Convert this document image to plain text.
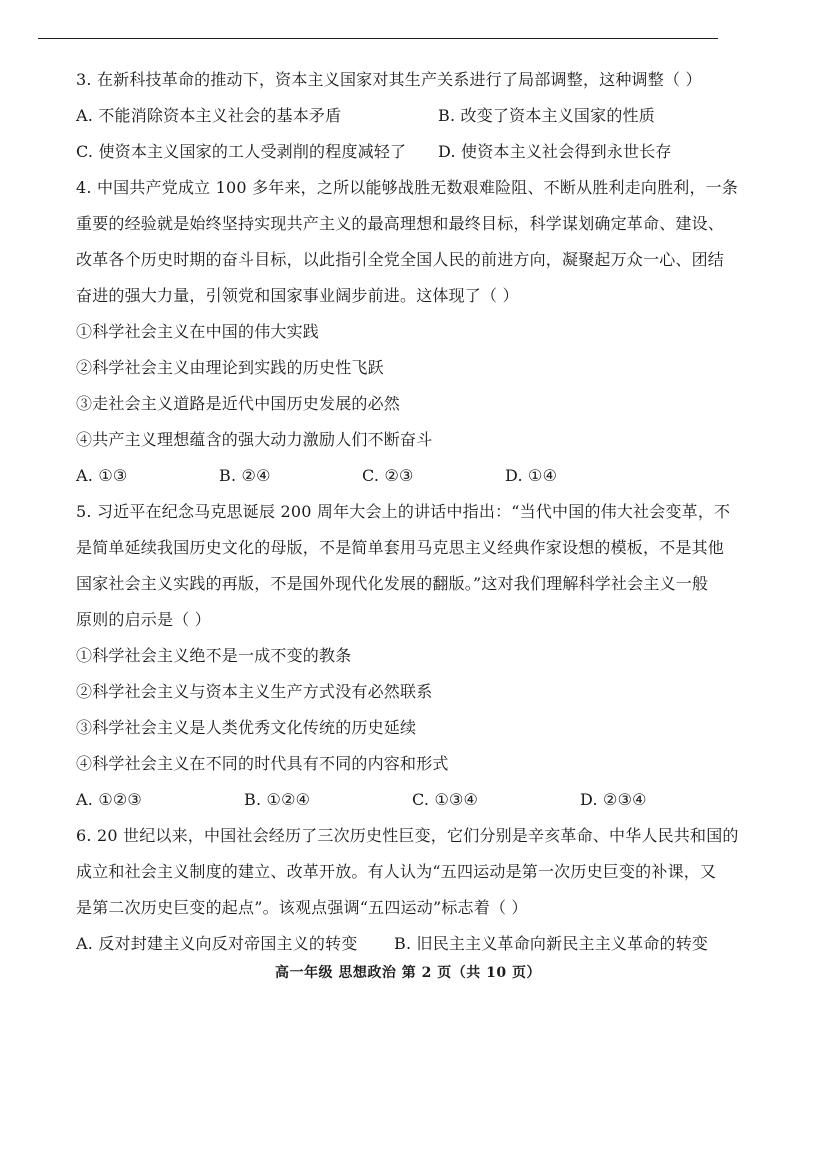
3. 在新科技革命的推动下，资本主义国家对其生产关系进行了局部调整，这种调整（ ）
A. 不能消除资本主义社会的基本矛盾	B. 改变了资本主义国家的性质
C. 使资本主义国家的工人受剥削的程度减轻了	D. 使资本主义社会得到永世长存
4. 中国共产党成立 100 多年来，之所以能够战胜无数艰难险阻、不断从胜利走向胜利，一条
重要的经验就是始终坚持实现共产主义的最高理想和最终目标，科学谋划确定革命、建设、
改革各个历史时期的奋斗目标，以此指引全党全国人民的前进方向，凝聚起万众一心、团结
奋进的强大力量，引领党和国家事业阔步前进。这体现了（ ）
①科学社会主义在中国的伟大实践
②科学社会主义由理论到实践的历史性飞跃
③走社会主义道路是近代中国历史发展的必然
④共产主义理想蕴含的强大动力激励人们不断奋斗
A. ①③	B. ②④	C. ②③	D. ①④
5. 习近平在纪念马克思诞辰 200 周年大会上的讲话中指出：“当代中国的伟大社会变革，不
是简单延续我国历史文化的母版，不是简单套用马克思主义经典作家设想的模板，不是其他
国家社会主义实践的再版，不是国外现代化发展的翻版。”这对我们理解科学社会主义一般
原则的启示是（ ）
①科学社会主义绝不是一成不变的教条
②科学社会主义与资本主义生产方式没有必然联系
③科学社会主义是人类优秀文化传统的历史延续
④科学社会主义在不同的时代具有不同的内容和形式
A. ①②③	B. ①②④	C. ①③④	D. ②③④
6. 20 世纪以来，中国社会经历了三次历史性巨变，它们分别是辛亥革命、中华人民共和国的
成立和社会主义制度的建立、改革开放。有人认为“五四运动是第一次历史巨变的补课，又
是第二次历史巨变的起点”。该观点强调“五四运动”标志着（ ）
A. 反对封建主义向反对帝国主义的转变	B. 旧民主主义革命向新民主主义革命的转变
高一年级 思想政治 第 2 页（共 10 页）
